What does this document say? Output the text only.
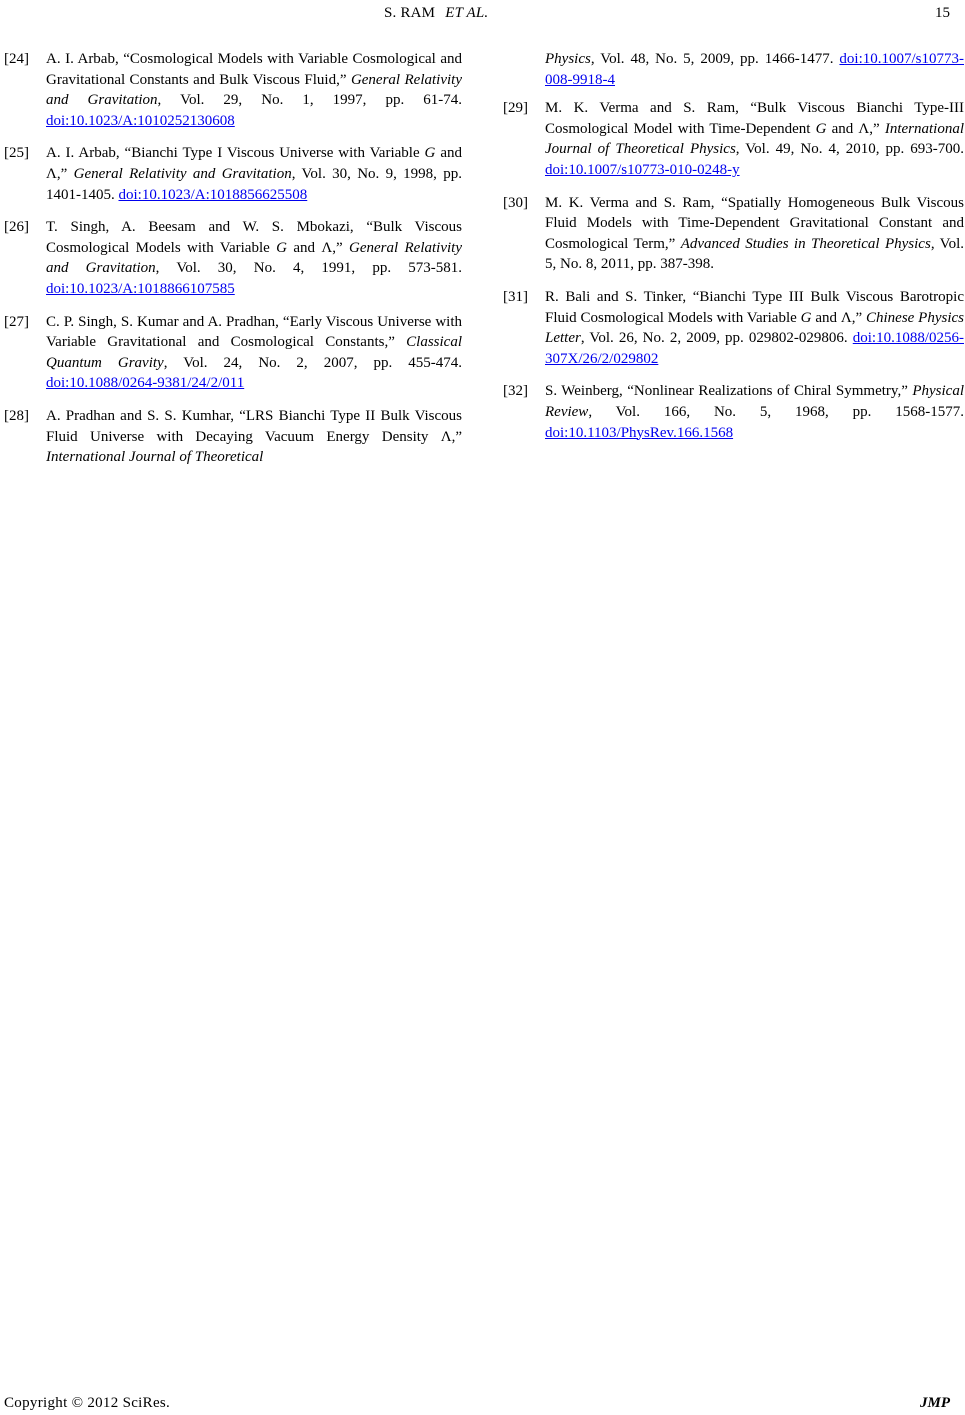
S. RAM ET AL.	15
[24] A. I. Arbab, “Cosmological Models with Variable Cosmological and Gravitational Constants and Bulk Viscous Fluid,” General Relativity and Gravitation, Vol. 29, No. 1, 1997, pp. 61-74. doi:10.1023/A:1010252130608
[25] A. I. Arbab, “Bianchi Type I Viscous Universe with Variable G and Λ,” General Relativity and Gravitation, Vol. 30, No. 9, 1998, pp. 1401-1405. doi:10.1023/A:1018856625508
[26] T. Singh, A. Beesam and W. S. Mbokazi, “Bulk Viscous Cosmological Models with Variable G and Λ,” General Relativity and Gravitation, Vol. 30, No. 4, 1991, pp. 573-581. doi:10.1023/A:1018866107585
[27] C. P. Singh, S. Kumar and A. Pradhan, “Early Viscous Universe with Variable Gravitational and Cosmological Constants,” Classical Quantum Gravity, Vol. 24, No. 2, 2007, pp. 455-474. doi:10.1088/0264-9381/24/2/011
[28] A. Pradhan and S. S. Kumhar, “LRS Bianchi Type II Bulk Viscous Fluid Universe with Decaying Vacuum Energy Density Λ,” International Journal of Theoretical
Physics, Vol. 48, No. 5, 2009, pp. 1466-1477. doi:10.1007/s10773-008-9918-4
[29] M. K. Verma and S. Ram, “Bulk Viscous Bianchi Type-III Cosmological Model with Time-Dependent G and Λ,” International Journal of Theoretical Physics, Vol. 49, No. 4, 2010, pp. 693-700. doi:10.1007/s10773-010-0248-y
[30] M. K. Verma and S. Ram, “Spatially Homogeneous Bulk Viscous Fluid Models with Time-Dependent Gravitational Constant and Cosmological Term,” Advanced Studies in Theoretical Physics, Vol. 5, No. 8, 2011, pp. 387-398.
[31] R. Bali and S. Tinker, “Bianchi Type III Bulk Viscous Barotropic Fluid Cosmological Models with Variable G and Λ,” Chinese Physics Letter, Vol. 26, No. 2, 2009, pp. 029802-029806. doi:10.1088/0256-307X/26/2/029802
[32] S. Weinberg, “Nonlinear Realizations of Chiral Symmetry,” Physical Review, Vol. 166, No. 5, 1968, pp. 1568-1577. doi:10.1103/PhysRev.166.1568
Copyright © 2012 SciRes.	JMP
